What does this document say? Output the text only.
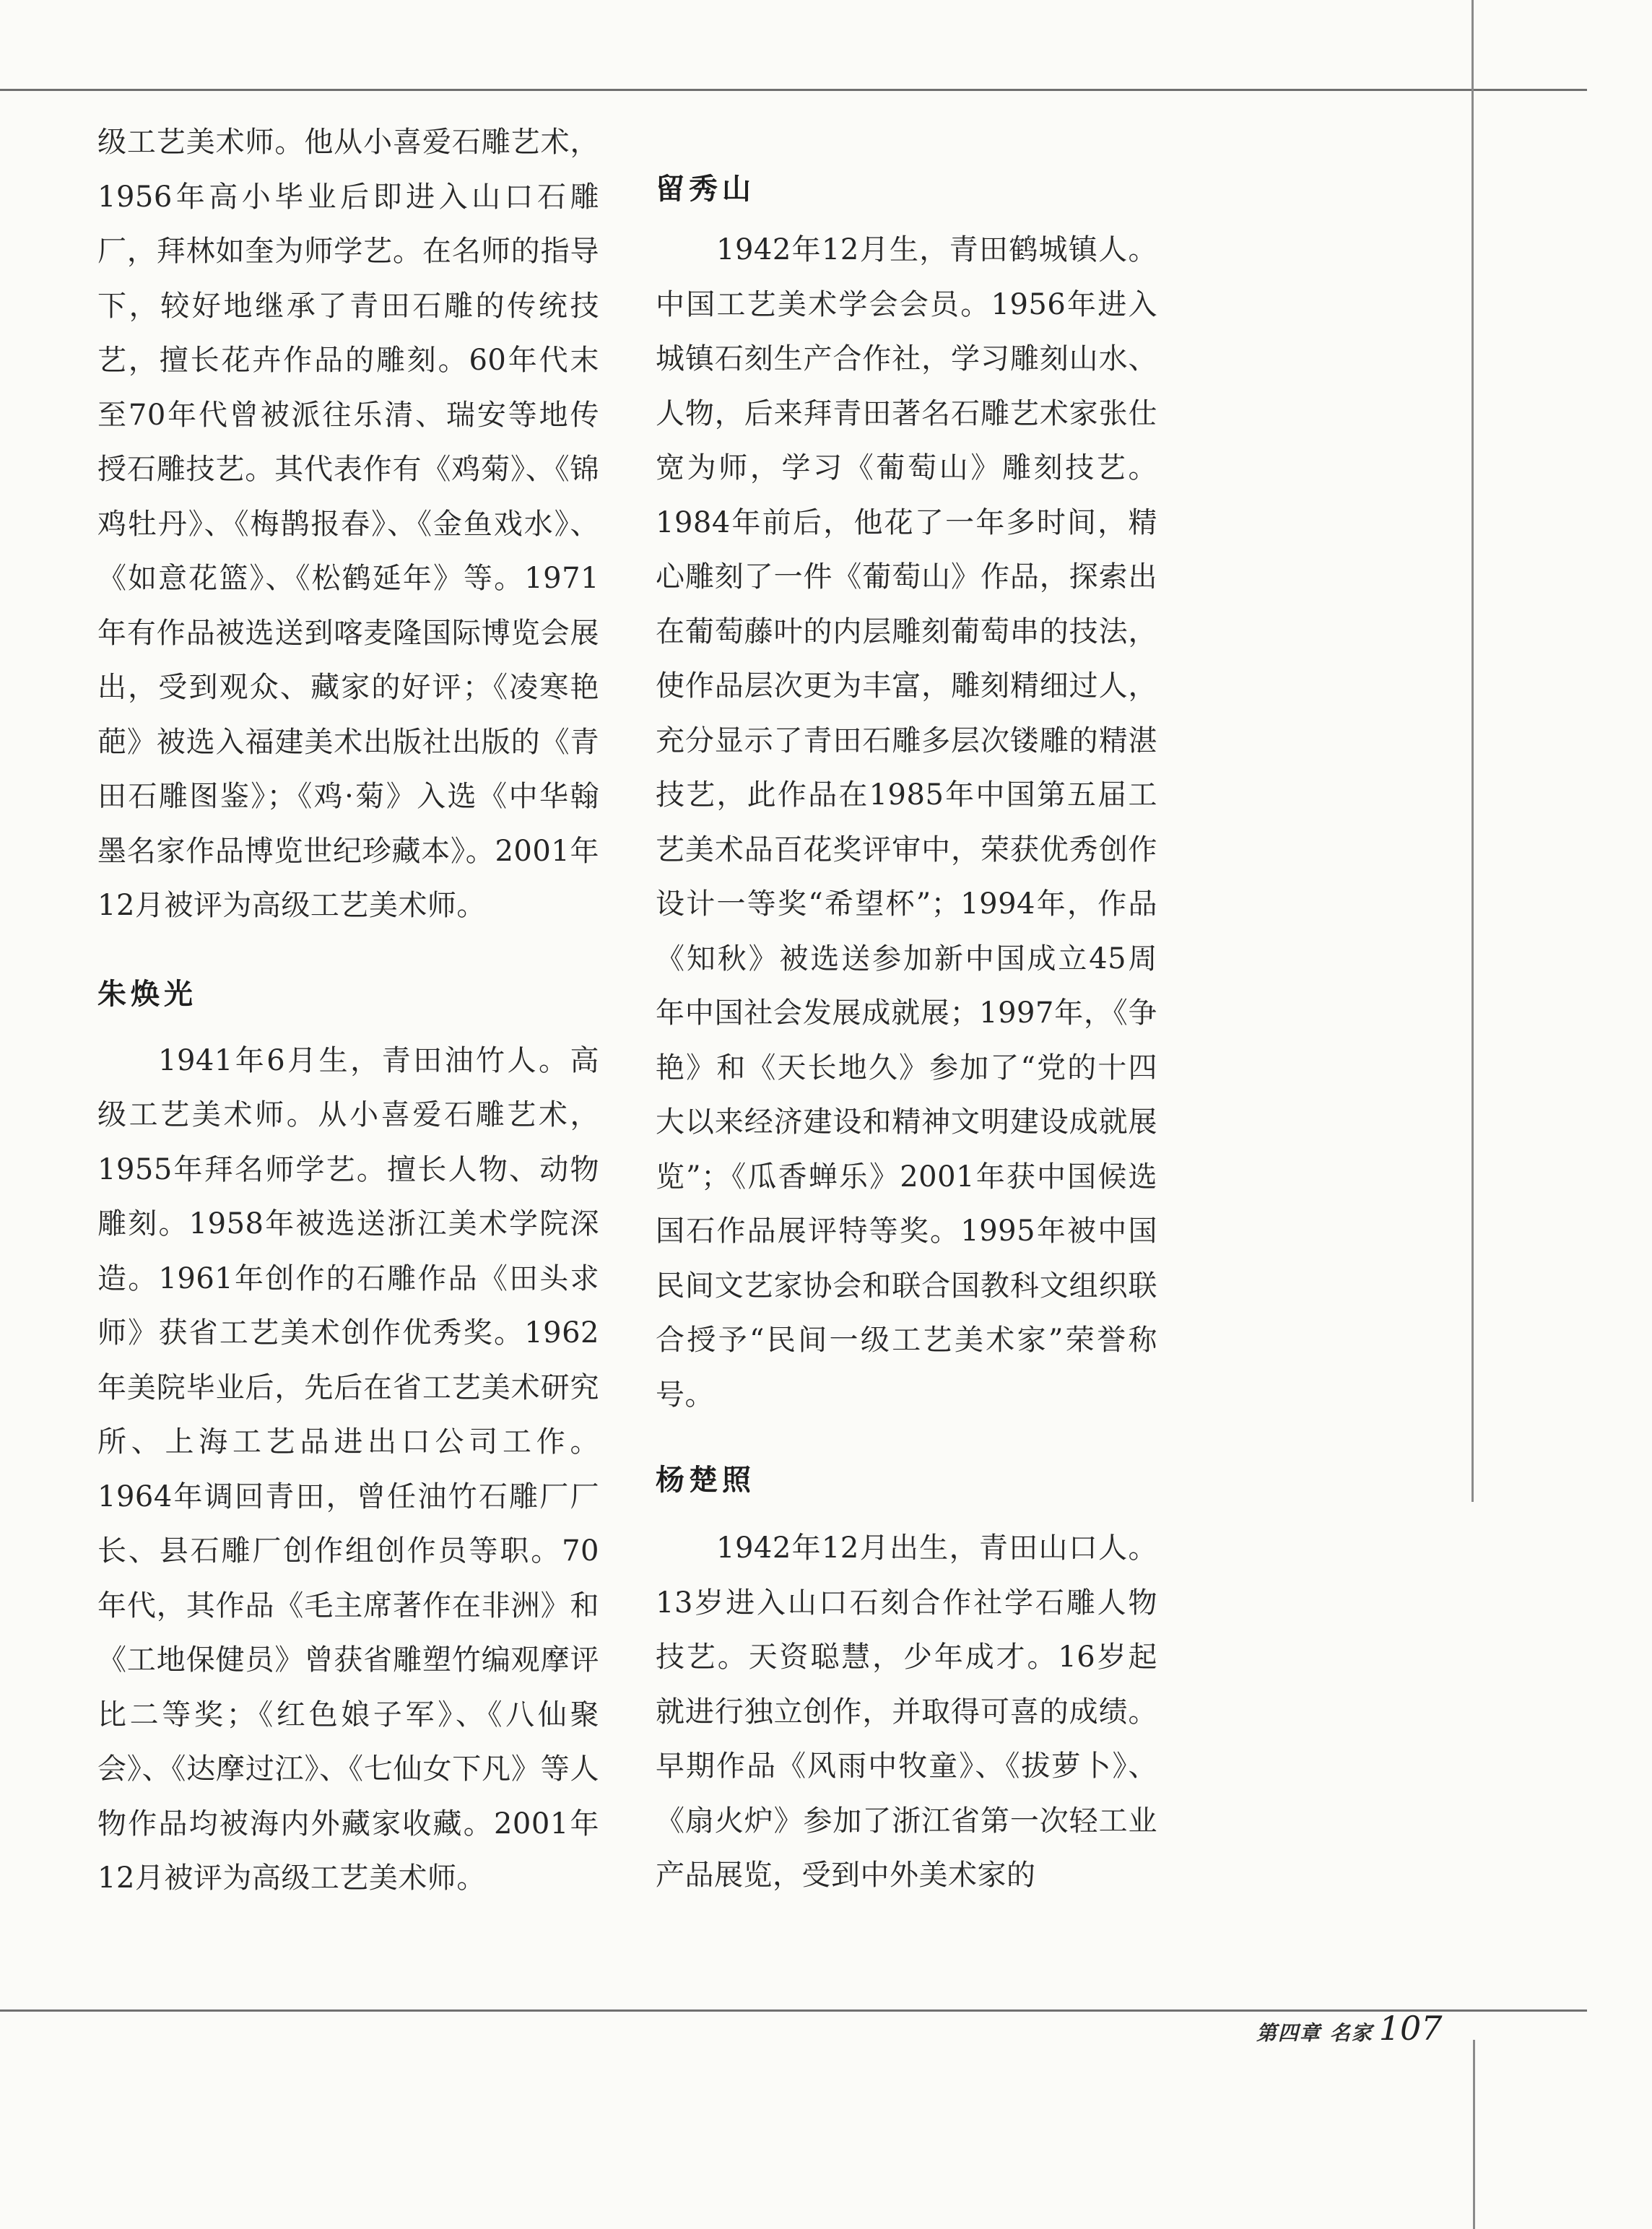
级工艺美术师。他从小喜爱石雕艺术，1956年高小毕业后即进入山口石雕厂，拜林如奎为师学艺。在名师的指导下，较好地继承了青田石雕的传统技艺，擅长花卉作品的雕刻。60年代末至70年代曾被派往乐清、瑞安等地传授石雕技艺。其代表作有《鸡菊》、《锦鸡牡丹》、《梅鹊报春》、《金鱼戏水》、《如意花篮》、《松鹤延年》等。1971年有作品被选送到喀麦隆国际博览会展出，受到观众、藏家的好评；《凌寒艳葩》被选入福建美术出版社出版的《青田石雕图鉴》；《鸡·菊》入选《中华翰墨名家作品博览世纪珍藏本》。2001年12月被评为高级工艺美术师。

朱焕光

1941年6月生，青田油竹人。高级工艺美术师。从小喜爱石雕艺术，1955年拜名师学艺。擅长人物、动物雕刻。1958年被选送浙江美术学院深造。1961年创作的石雕作品《田头求师》获省工艺美术创作优秀奖。1962年美院毕业后，先后在省工艺美术研究所、上海工艺品进出口公司工作。1964年调回青田，曾任油竹石雕厂厂长、县石雕厂创作组创作员等职。70年代，其作品《毛主席著作在非洲》和《工地保健员》曾获省雕塑竹编观摩评比二等奖；《红色娘子军》、《八仙聚会》、《达摩过江》、《七仙女下凡》等人物作品均被海内外藏家收藏。2001年12月被评为高级工艺美术师。

留秀山

1942年12月生，青田鹤城镇人。中国工艺美术学会会员。1956年进入城镇石刻生产合作社，学习雕刻山水、人物，后来拜青田著名石雕艺术家张仕宽为师，学习《葡萄山》雕刻技艺。1984年前后，他花了一年多时间，精心雕刻了一件《葡萄山》作品，探索出在葡萄藤叶的内层雕刻葡萄串的技法，使作品层次更为丰富，雕刻精细过人，充分显示了青田石雕多层次镂雕的精湛技艺，此作品在1985年中国第五届工艺美术品百花奖评审中，荣获优秀创作设计一等奖“希望杯”；1994年，作品《知秋》被选送参加新中国成立45周年中国社会发展成就展；1997年，《争艳》和《天长地久》参加了“党的十四大以来经济建设和精神文明建设成就展览”；《瓜香蝉乐》2001年获中国候选国石作品展评特等奖。1995年被中国民间文艺家协会和联合国教科文组织联合授予“民间一级工艺美术家”荣誉称号。

杨楚照

1942年12月出生，青田山口人。13岁进入山口石刻合作社学石雕人物技艺。天资聪慧，少年成才。16岁起就进行独立创作，并取得可喜的成绩。早期作品《风雨中牧童》、《拔萝卜》、《扇火炉》参加了浙江省第一次轻工业产品展览，受到中外美术家的

第四章 名家 107
